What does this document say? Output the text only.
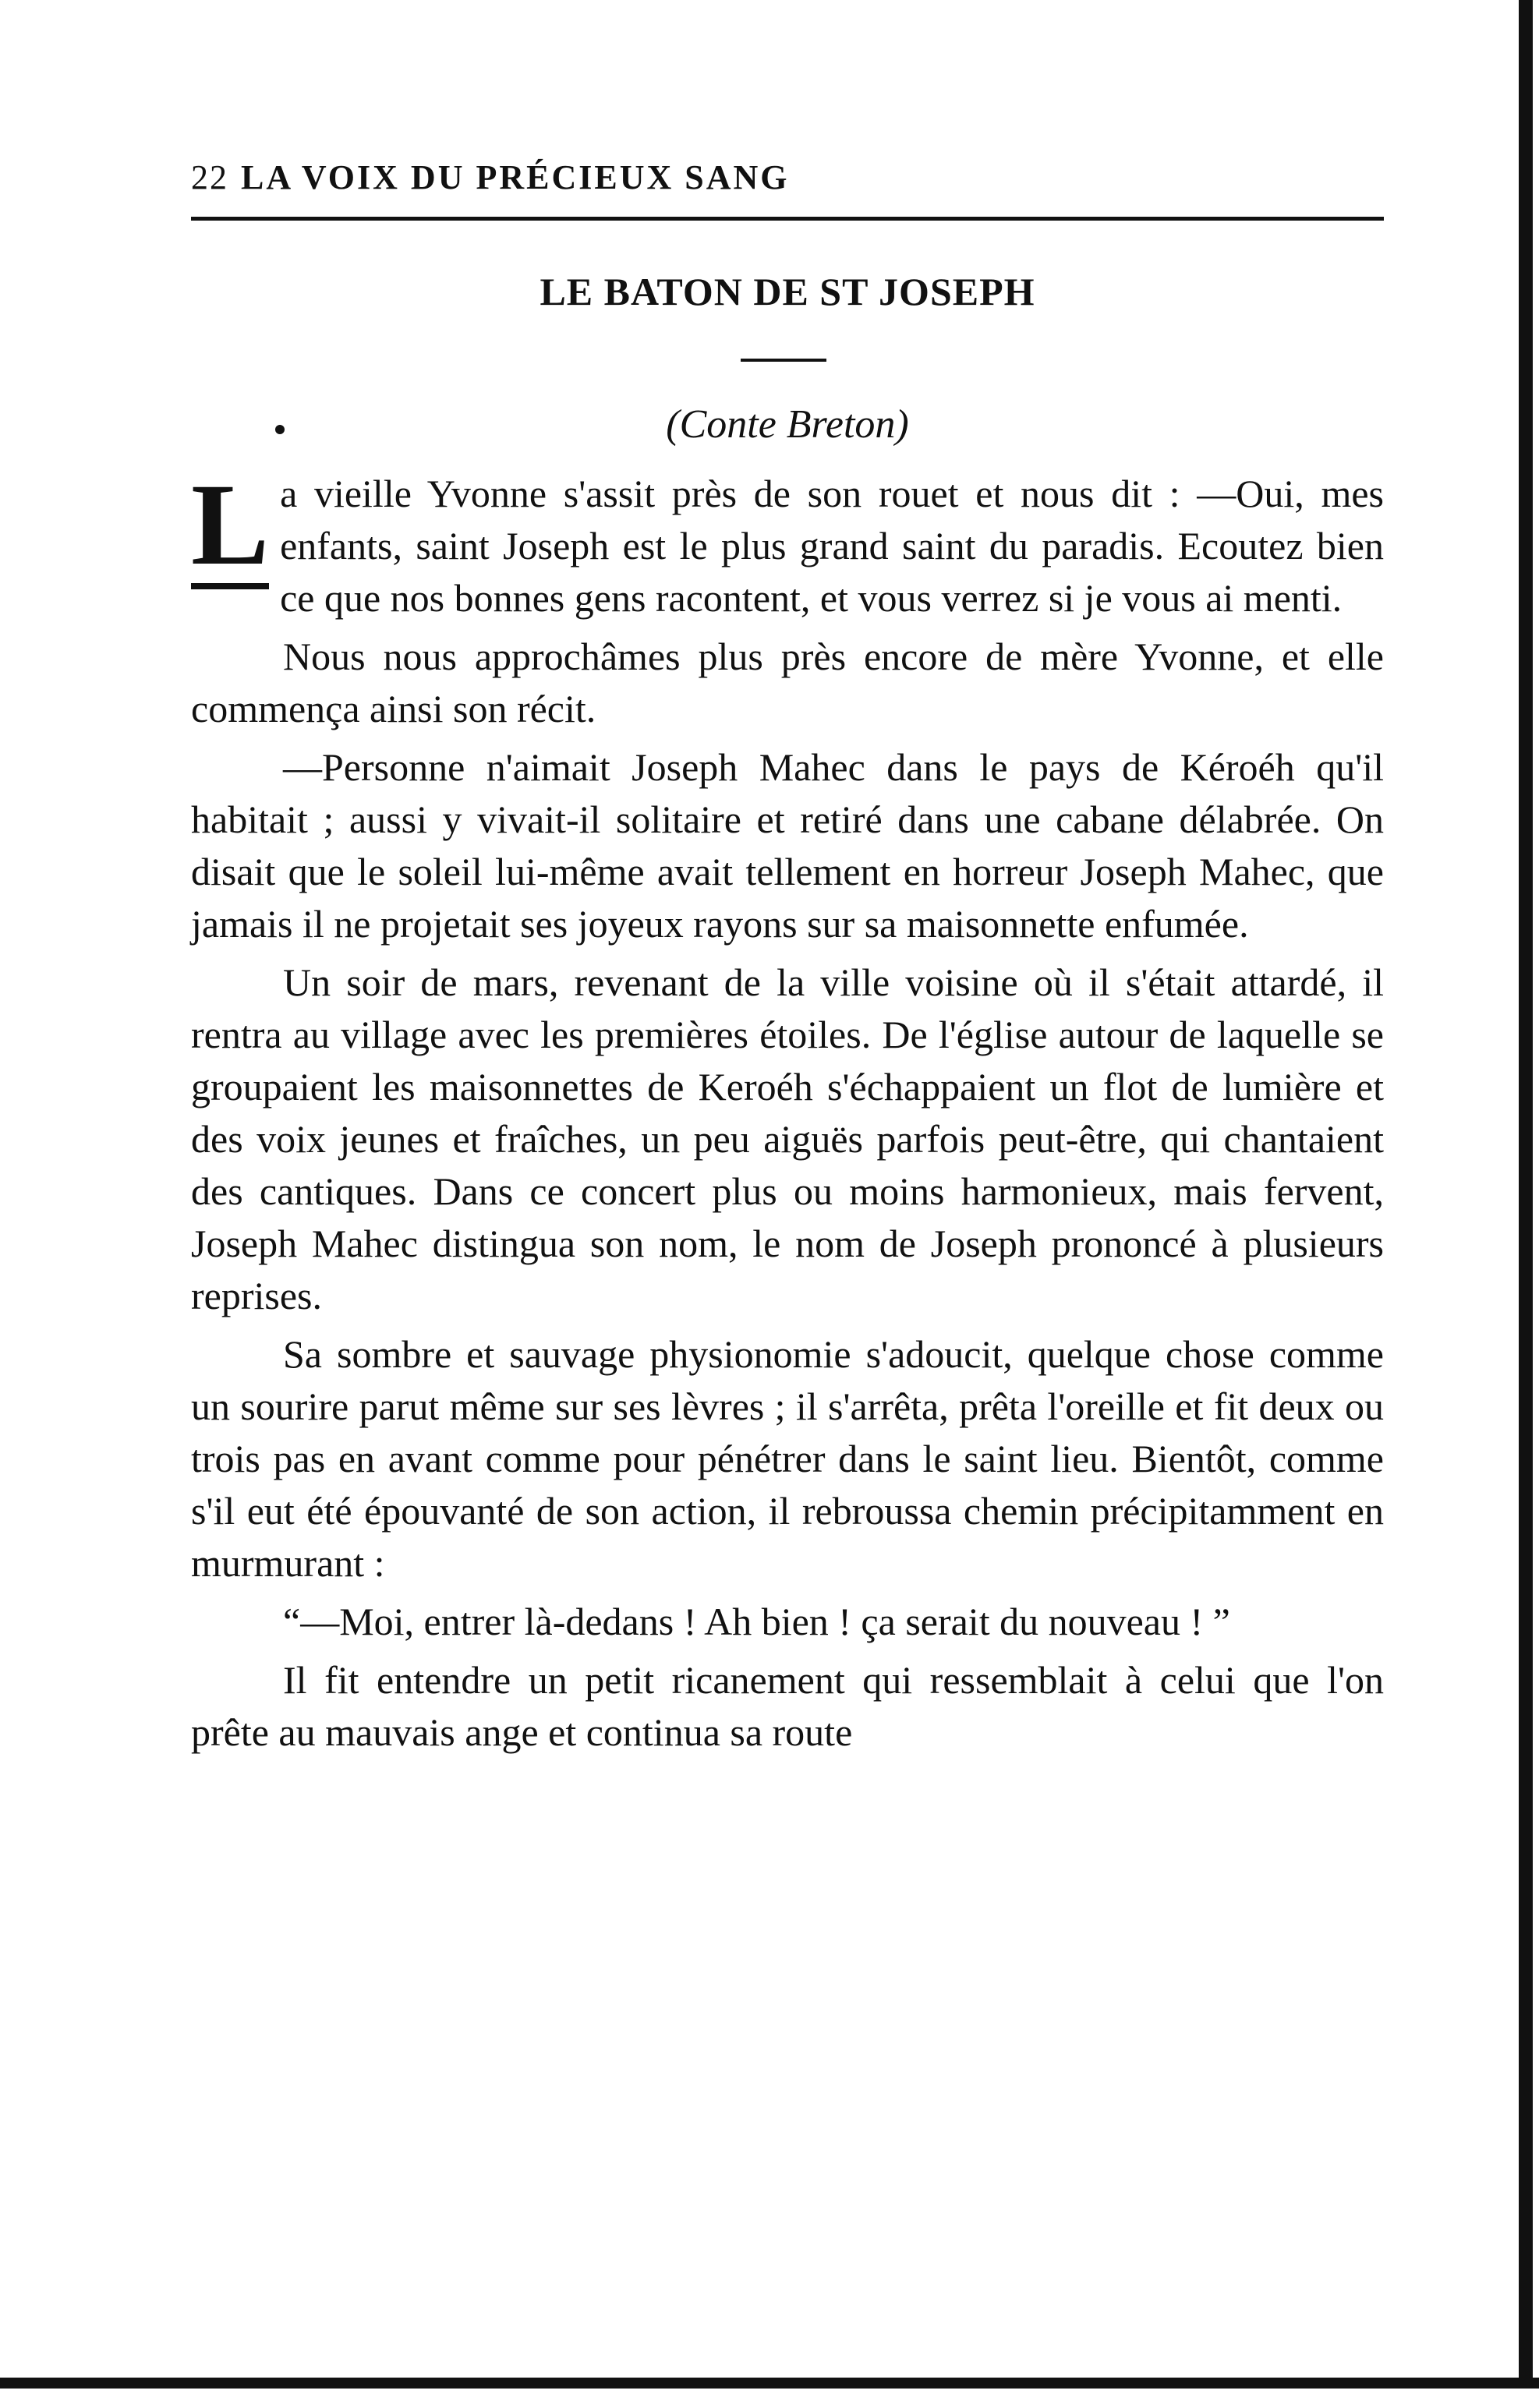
22 LA VOIX DU PRÉCIEUX SANG
LE BATON DE ST JOSEPH
(Conte Breton)

L a vieille Yvonne s'assit près de son rouet et nous dit : —Oui, mes enfants, saint Joseph est le plus grand saint du paradis. Ecoutez bien ce que nos bonnes gens racontent, et vous verrez si je vous ai menti.

Nous nous approchâmes plus près encore de mère Yvonne, et elle commença ainsi son récit.

—Personne n'aimait Joseph Mahec dans le pays de Kéroéh qu'il habitait ; aussi y vivait-il solitaire et retiré dans une cabane délabrée. On disait que le soleil lui-même avait tellement en horreur Joseph Mahec, que jamais il ne projetait ses joyeux rayons sur sa maisonnette enfumée.

Un soir de mars, revenant de la ville voisine où il s'était attardé, il rentra au village avec les premières étoiles. De l'église autour de laquelle se groupaient les maisonnettes de Keroéh s'échappaient un flot de lumière et des voix jeunes et fraîches, un peu aiguës parfois peut-être, qui chantaient des cantiques. Dans ce concert plus ou moins harmonieux, mais fervent, Joseph Mahec distingua son nom, le nom de Joseph prononcé à plusieurs reprises.

Sa sombre et sauvage physionomie s'adoucit, quelque chose comme un sourire parut même sur ses lèvres ; il s'arrêta, prêta l'oreille et fit deux ou trois pas en avant comme pour pénétrer dans le saint lieu. Bientôt, comme s'il eut été épouvanté de son action, il rebroussa chemin précipitamment en murmurant :

“—Moi, entrer là-dedans ! Ah bien ! ça serait du nouveau ! ”

Il fit entendre un petit ricanement qui ressemblait à celui que l'on prête au mauvais ange et continua sa route
